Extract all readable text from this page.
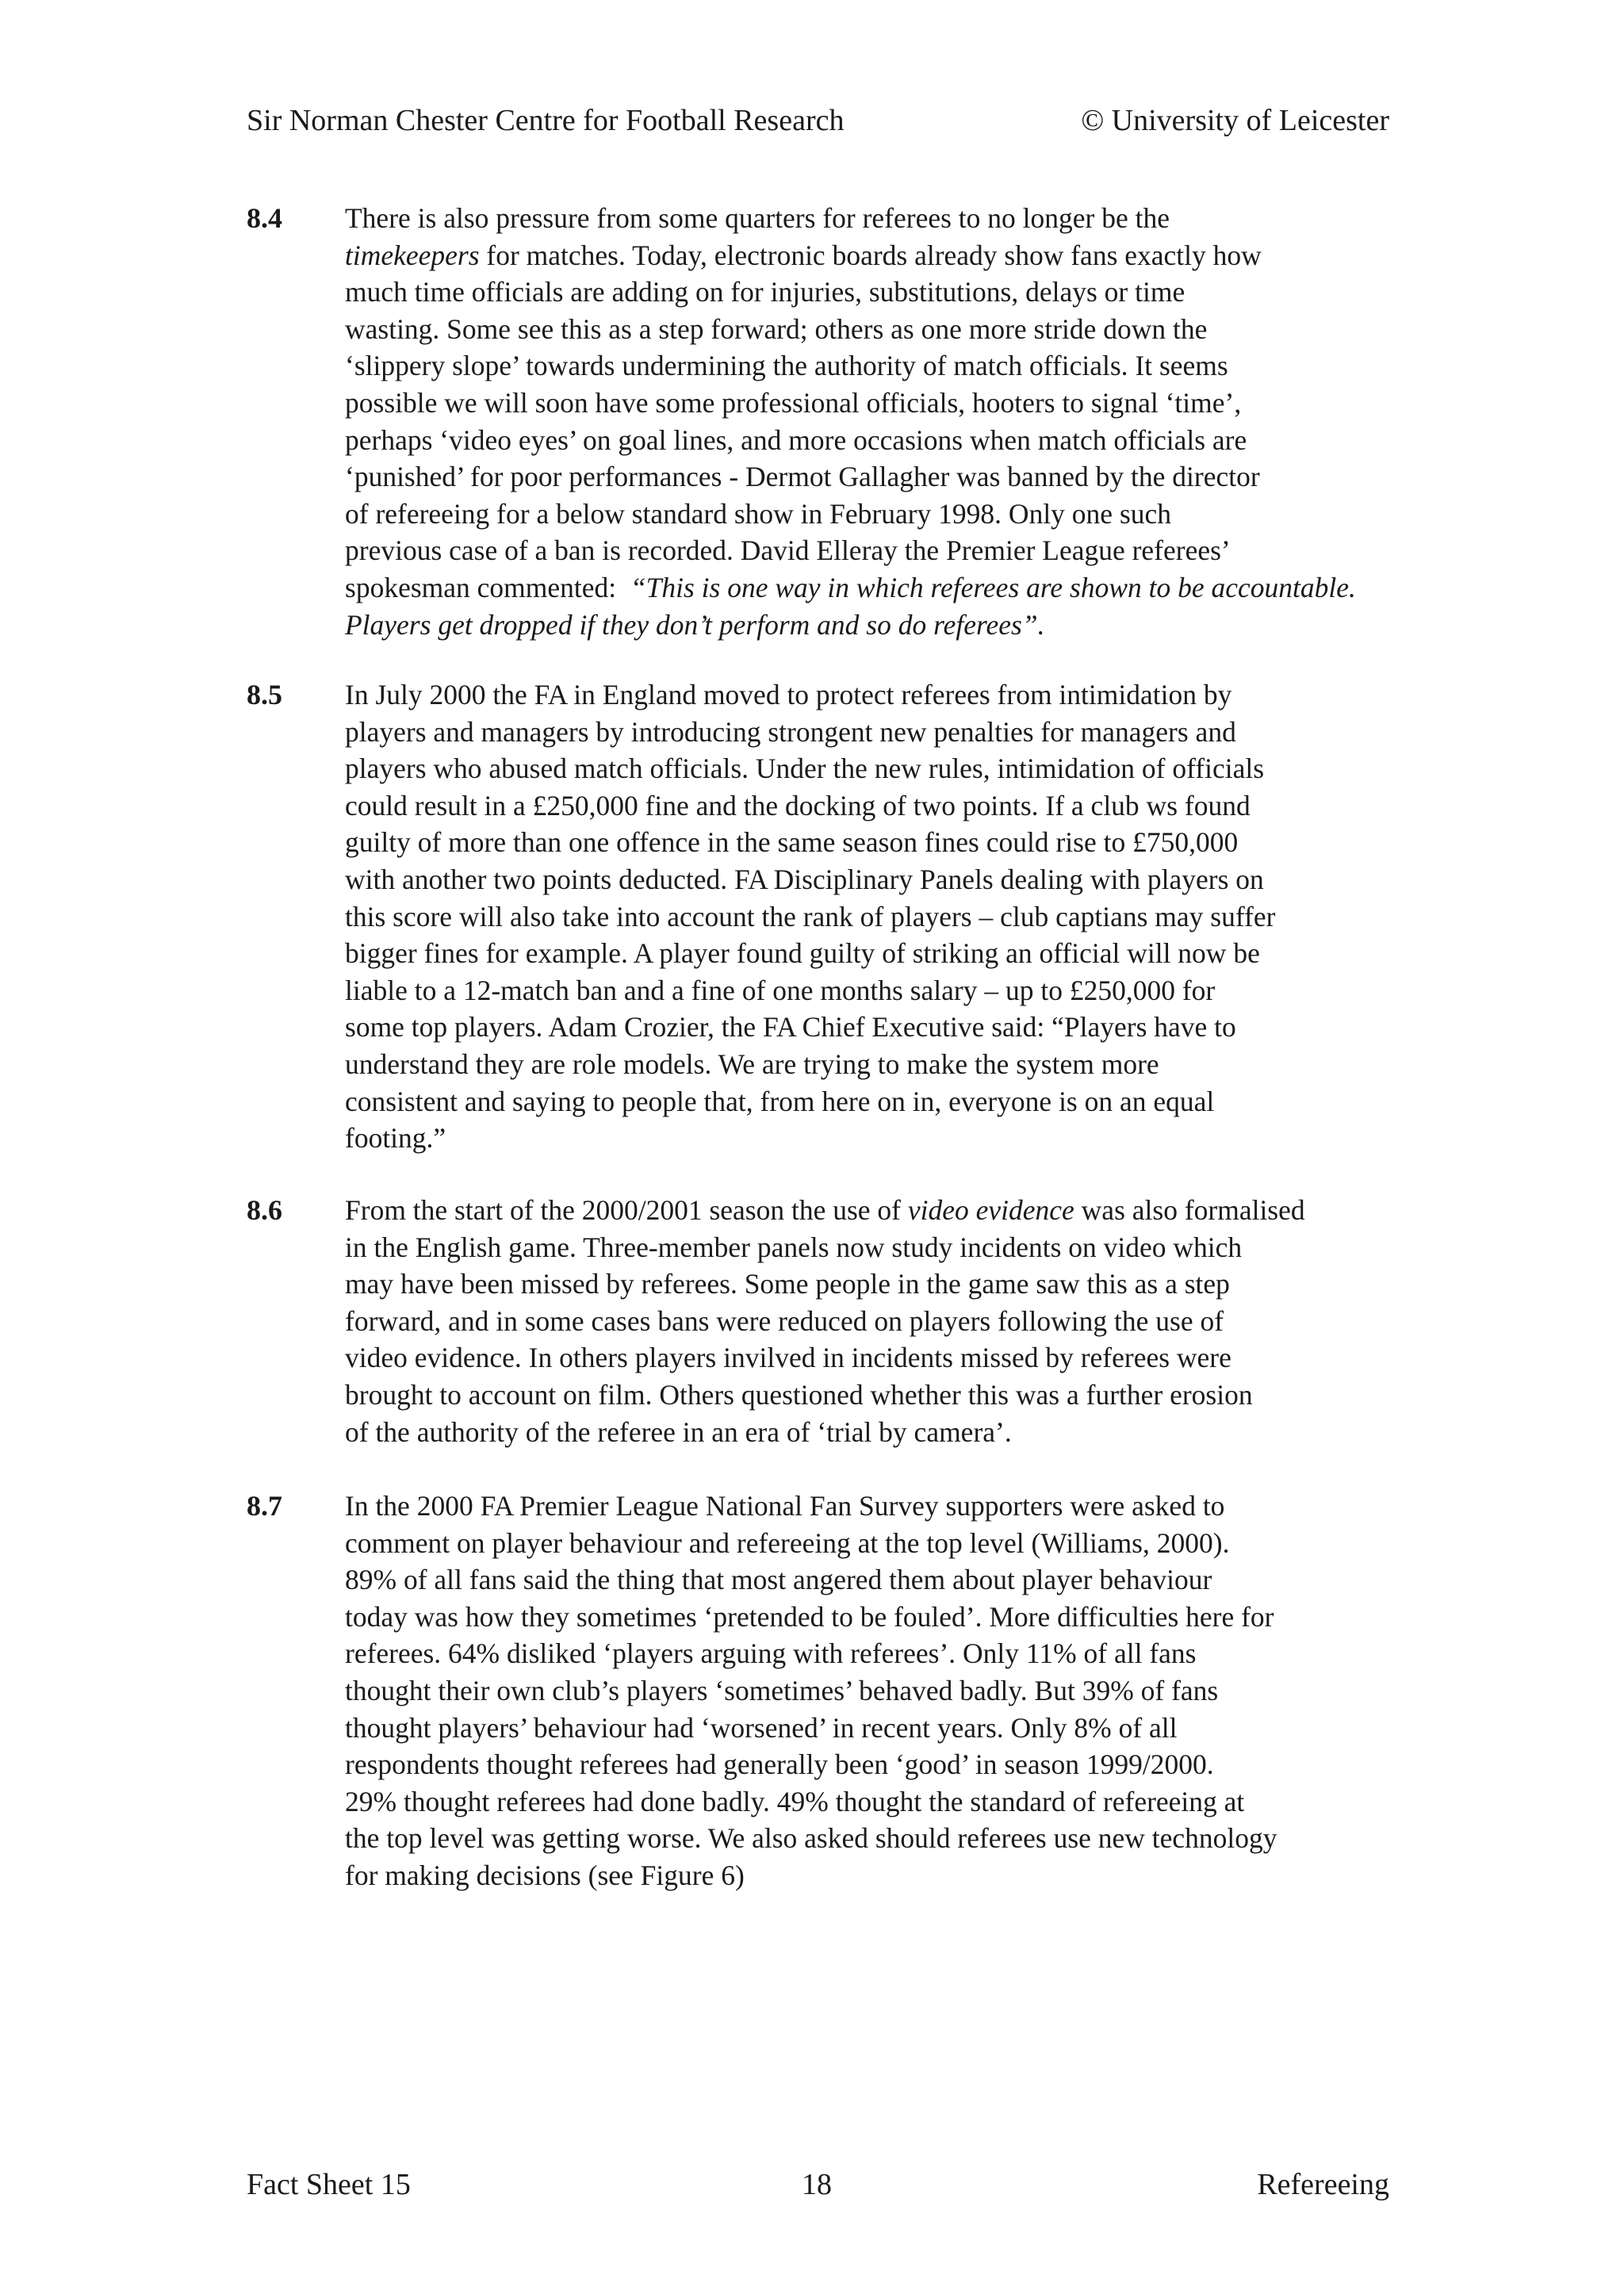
Sir Norman Chester Centre for Football Research	© University of Leicester
8.4 There is also pressure from some quarters for referees to no longer be the
timekeepers for matches. Today, electronic boards already show fans exactly how
much time officials are adding on for injuries, substitutions, delays or time
wasting. Some see this as a step forward; others as one more stride down the
‘slippery slope’ towards undermining the authority of match officials. It seems
possible we will soon have some professional officials, hooters to signal ‘time’,
perhaps ‘video eyes’ on goal lines, and more occasions when match officials are
‘punished’ for poor performances - Dermot Gallagher was banned by the director
of refereeing for a below standard show in February 1998. Only one such
previous case of a ban is recorded. David Elleray the Premier League referees’
spokesman commented:  “This is one way in which referees are shown to be accountable.
Players get dropped if they don’t perform and so do referees”.
8.5 In July 2000 the FA in England moved to protect referees from intimidation by
players and managers by introducing strongent new penalties for managers and
players who abused match officials. Under the new rules, intimidation of officials
could result in a £250,000 fine and the docking of two points. If a club ws found
guilty of more than one offence in the same season fines could rise to £750,000
with another two points deducted. FA Disciplinary Panels dealing with players on
this score will also take into account the rank of players – club captians may suffer
bigger fines for example. A player found guilty of striking an official will now be
liable to a 12-match ban and a fine of one months salary – up to £250,000 for
some top players. Adam Crozier, the FA Chief Executive said: “Players have to
understand they are role models. We are trying to make the system more
consistent and saying to people that, from here on in, everyone is on an equal
footing.”
8.6 From the start of the 2000/2001 season the use of video evidence was also formalised
in the English game. Three-member panels now study incidents on video which
may have been missed by referees. Some people in the game saw this as a step
forward, and in some cases bans were reduced on players following the use of
video evidence. In others players invilved in incidents missed by referees were
brought to account on film. Others questioned whether this was a further erosion
of the authority of the referee in an era of ‘trial by camera’.
8.7 In the 2000 FA Premier League National Fan Survey supporters were asked to
comment on player behaviour and refereeing at the top level (Williams, 2000).
89% of all fans said the thing that most angered them about player behaviour
today was how they sometimes ‘pretended to be fouled’. More difficulties here for
referees. 64% disliked ‘players arguing with referees’. Only 11% of all fans
thought their own club’s players ‘sometimes’ behaved badly. But 39% of fans
thought players’ behaviour had ‘worsened’ in recent years. Only 8% of all
respondents thought referees had generally been ‘good’ in season 1999/2000.
29% thought referees had done badly. 49% thought the standard of refereeing at
the top level was getting worse. We also asked should referees use new technology
for making decisions (see Figure 6)
Fact Sheet 15	18	Refereeing
